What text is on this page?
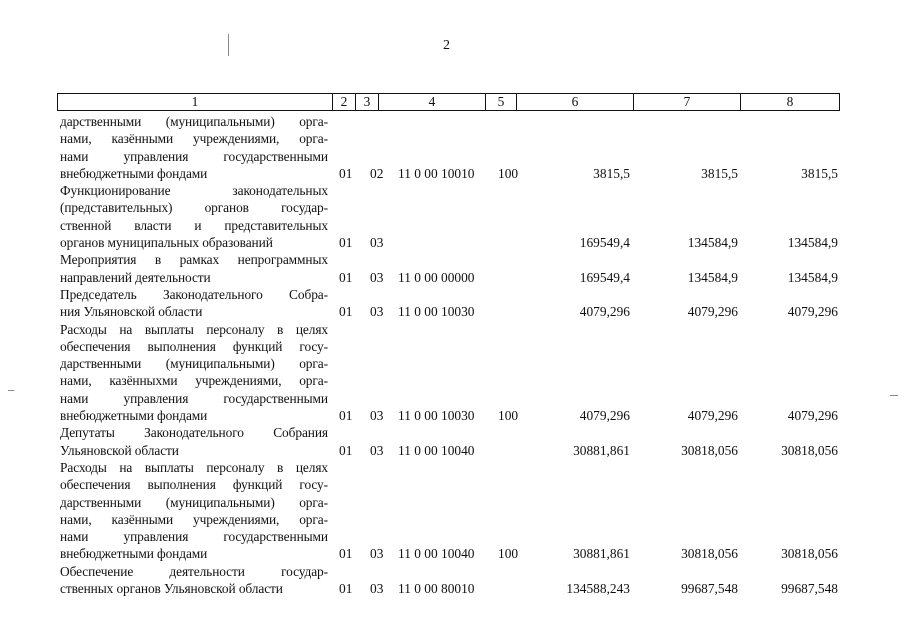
2
1	2	3	4	5	6	7	8
дарственными (муниципальными) орга-
нами, казёнными учреждениями, орга-
нами управления государственными
внебюджетными фондами	01 02 11 0 00 10010 100	3815,5	3815,5	3815,5
Функционирование законодательных
(представительных) органов государ-
ственной власти и представительных
органов муниципальных образований	01 03	169549,4	134584,9	134584,9
Мероприятия в рамках непрограммных
направлений деятельности	01 03 11 0 00 00000	169549,4	134584,9	134584,9
Председатель Законодательного Собра-
ния Ульяновской области	01 03 11 0 00 10030	4079,296	4079,296	4079,296
Расходы на выплаты персоналу в целях
обеспечения выполнения функций госу-
дарственными (муниципальными) орга-
нами, казённыхми учреждениями, орга-
нами управления государственными
внебюджетными фондами	01 03 11 0 00 10030 100	4079,296	4079,296	4079,296
Депутаты Законодательного Собрания
Ульяновской области	01 03 11 0 00 10040	30881,861	30818,056	30818,056
Расходы на выплаты персоналу в целях
обеспечения выполнения функций госу-
дарственными (муниципальными) орга-
нами, казёнными учреждениями, орга-
нами управления государственными
внебюджетными фондами	01 03 11 0 00 10040 100	30881,861	30818,056	30818,056
Обеспечение деятельности государ-
ственных органов Ульяновской области	01 03 11 0 00 80010	134588,243	99687,548	99687,548
